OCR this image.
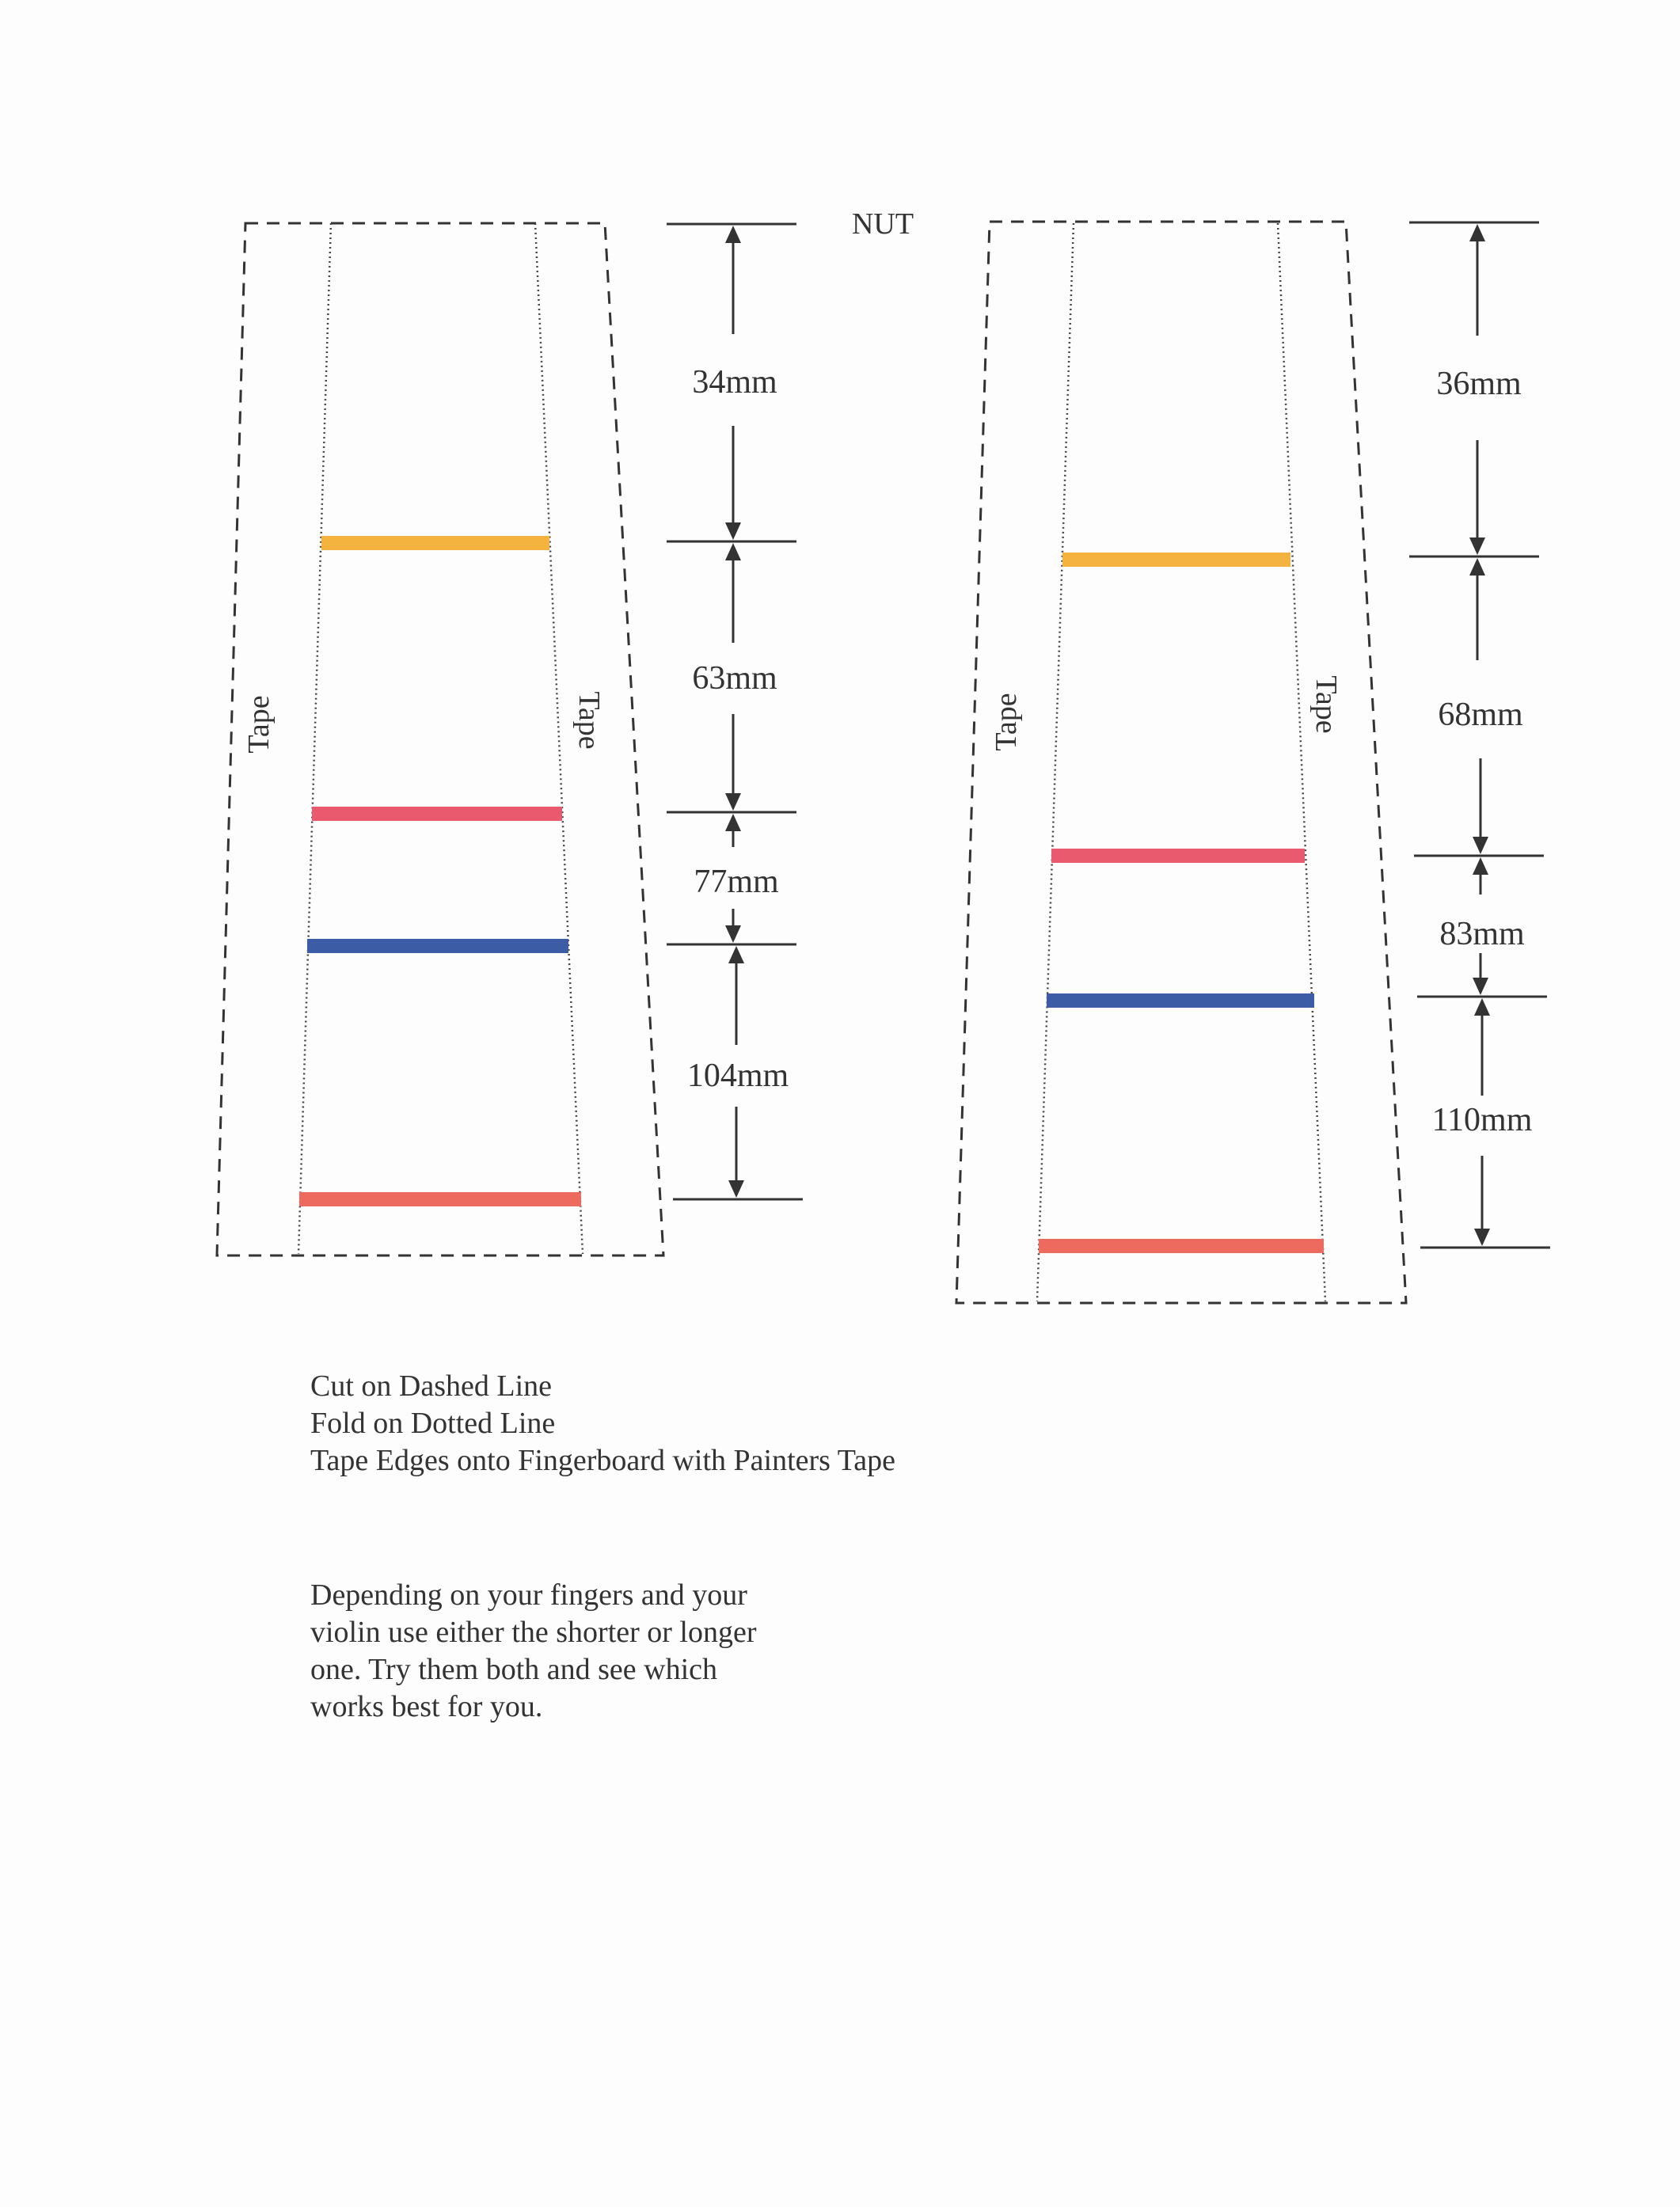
Tape	Tape
34mm
63mm
77mm
104mm
NUT
Tape	Tape
36mm
68mm
83mm
110mm
Cut on Dashed Line
Fold on Dotted Line
Tape Edges onto Fingerboard with Painters Tape
Depending on your fingers and your
violin use either the shorter or longer
one. Try them both and see which
works best for you.
